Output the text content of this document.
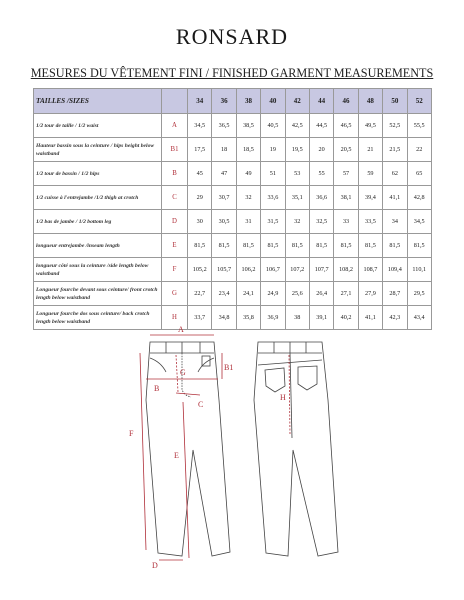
RONSARD
MESURES DU VÊTEMENT FINI / FINISHED GARMENT MEASUREMENTS
TAILLES /SIZES		34	36	38	40	42	44	46	48	50	52
1/2 tour de taille / 1/2 waist	A	34,5	36,5	38,5	40,5	42,5	44,5	46,5	49,5	52,5	55,5
Hauteur bassin sous la ceinture / hips height below waistband	B1	17,5	18	18,5	19	19,5	20	20,5	21	21,5	22
1/2 tour de bassin / 1/2 hips	B	45	47	49	51	53	55	57	59	62	65
1/2 cuisse à l'entrejambe /1/2 thigh at crotch	C	29	30,7	32	33,6	35,1	36,6	38,1	39,4	41,1	42,8
1/2 bas de jambe / 1/2 bottom leg	D	30	30,5	31	31,5	32	32,5	33	33,5	34	34,5
longueur entrejambe /inseam length	E	81,5	81,5	81,5	81,5	81,5	81,5	81,5	81,5	81,5	81,5
longueur côté sous la ceinture /side length below waistband	F	105,2	105,7	106,2	106,7	107,2	107,7	108,2	108,7	109,4	110,1
Longueur fourche devant sous ceinture/ front crotch length below waistband	G	22,7	23,4	24,1	24,9	25,6	26,4	27,1	27,9	28,7	29,5
Longueur fourche dos sous ceinture/ back crotch length below waistband	H	33,7	34,8	35,8	36,9	38	39,1	40,2	41,1	42,3	43,4
A
B
B1
C
G
E
F
D
H
